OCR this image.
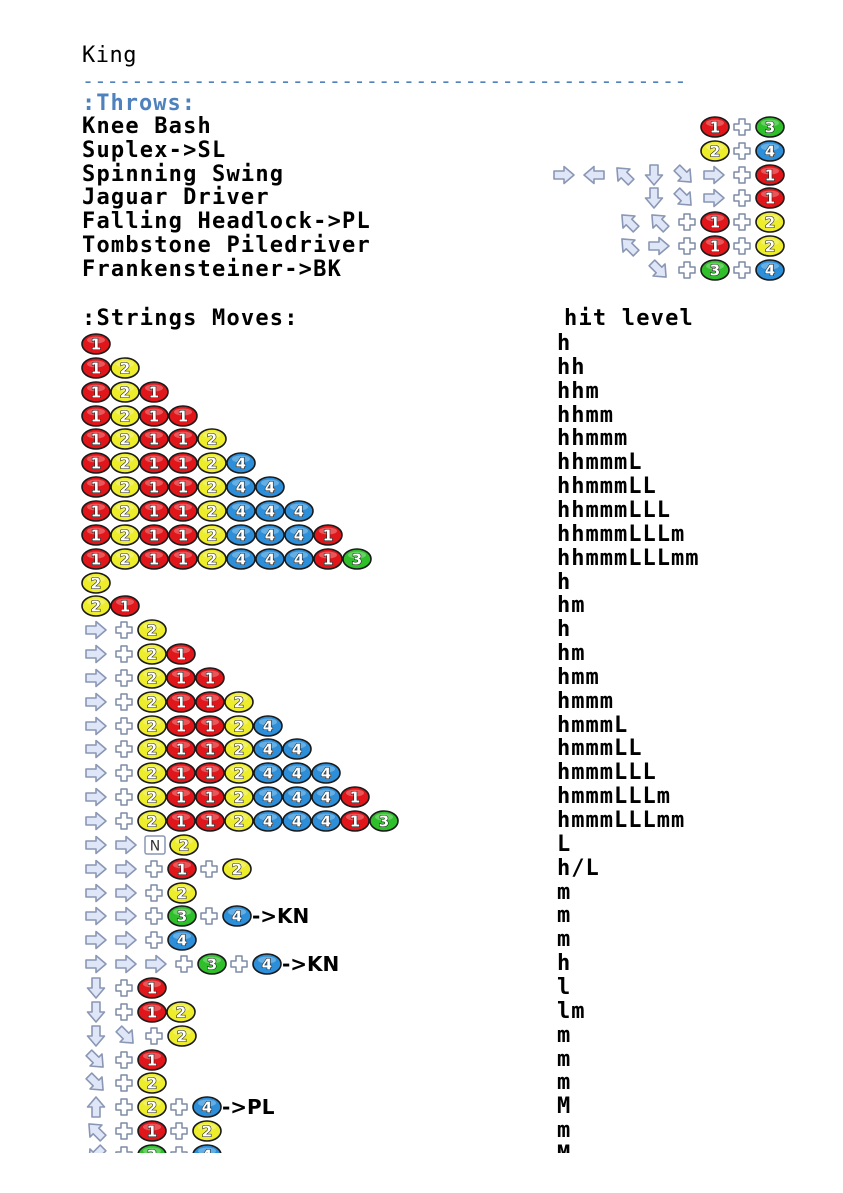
King
-------------------------------------------------
:Throws:
Knee Bash	1	3
Suplex->SL	2	4
Spinning Swing	1
Jaguar Driver	1
Falling Headlock->PL	1	2
Tombstone Piledriver	1	2
Frankensteiner->BK	3	4
:Strings Moves:	hit level
1	h
1 2	hh
1 2 1	hhm
1 2 1 1	hhmm
1 2 1 1 2	hhmmm
1 2 1 1 2 4	hhmmmL
1 2 1 1 2 4 4	hhmmmLL
1 2 1 1 2 4 4 4	hhmmmLLL
1 2 1 1 2 4 4 4 1	hhmmmLLLm
1 2 1 1 2 4 4 4 1 3	hhmmmLLLmm
2	h
2 1	hm
2	h
2 1	hm
2 1 1	hmm
2 1 1 2	hmmm
2 1 1 2 4	hmmmL
2 1 1 2 4 4	hmmmLL
2 1 1 2 4 4 4	hmmmLLL
2 1 1 2 4 4 4 1	hmmmLLLm
2 1 1 2 4 4 4 1 3	hmmmLLLmm
N 2	L
1	2	h/L
2	m
3	4 ->KN	m
4	m
3	4 ->KN	h
1	l
1 2	lm
2	m
1	m
2	m
2	4 ->PL	M
1	2	m
